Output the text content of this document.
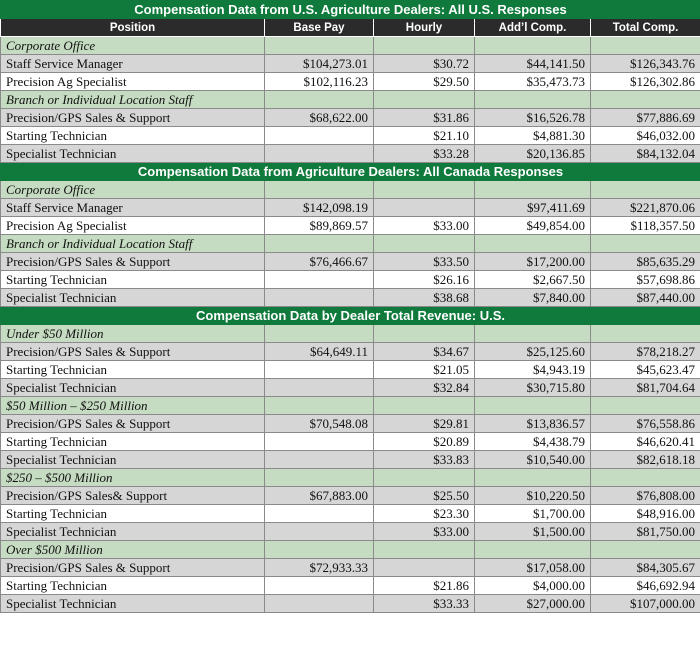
Compensation Data from U.S. Agriculture Dealers: All U.S. Responses				
Position	Base Pay	Hourly	Add’l Comp.	Total Comp.
Corporate Office				
Staff Service Manager	$104,273.01	$30.72	$44,141.50	$126,343.76
Precision Ag Specialist	$102,116.23	$29.50	$35,473.73	$126,302.86
Branch or Individual Location Staff				
Precision/GPS Sales & Support	$68,622.00	$31.86	$16,526.78	$77,886.69
Starting Technician		$21.10	$4,881.30	$46,032.00
Specialist Technician		$33.28	$20,136.85	$84,132.04
Compensation Data from Agriculture Dealers: All Canada Responses				
Corporate Office				
Staff Service Manager	$142,098.19		$97,411.69	$221,870.06
Precision Ag Specialist	$89,869.57	$33.00	$49,854.00	$118,357.50
Branch or Individual Location Staff				
Precision/GPS Sales & Support	$76,466.67	$33.50	$17,200.00	$85,635.29
Starting Technician		$26.16	$2,667.50	$57,698.86
Specialist Technician		$38.68	$7,840.00	$87,440.00
Compensation Data by Dealer Total Revenue: U.S.				
Under $50 Million				
Precision/GPS Sales & Support	$64,649.11	$34.67	$25,125.60	$78,218.27
Starting Technician		$21.05	$4,943.19	$45,623.47
Specialist Technician		$32.84	$30,715.80	$81,704.64
$50 Million – $250 Million				
Precision/GPS Sales & Support	$70,548.08	$29.81	$13,836.57	$76,558.86
Starting Technician		$20.89	$4,438.79	$46,620.41
Specialist Technician		$33.83	$10,540.00	$82,618.18
$250 – $500 Million				
Precision/GPS Sales& Support	$67,883.00	$25.50	$10,220.50	$76,808.00
Starting Technician		$23.30	$1,700.00	$48,916.00
Specialist Technician		$33.00	$1,500.00	$81,750.00
Over $500 Million				
Precision/GPS Sales & Support	$72,933.33		$17,058.00	$84,305.67
Starting Technician		$21.86	$4,000.00	$46,692.94
Specialist Technician		$33.33	$27,000.00	$107,000.00
